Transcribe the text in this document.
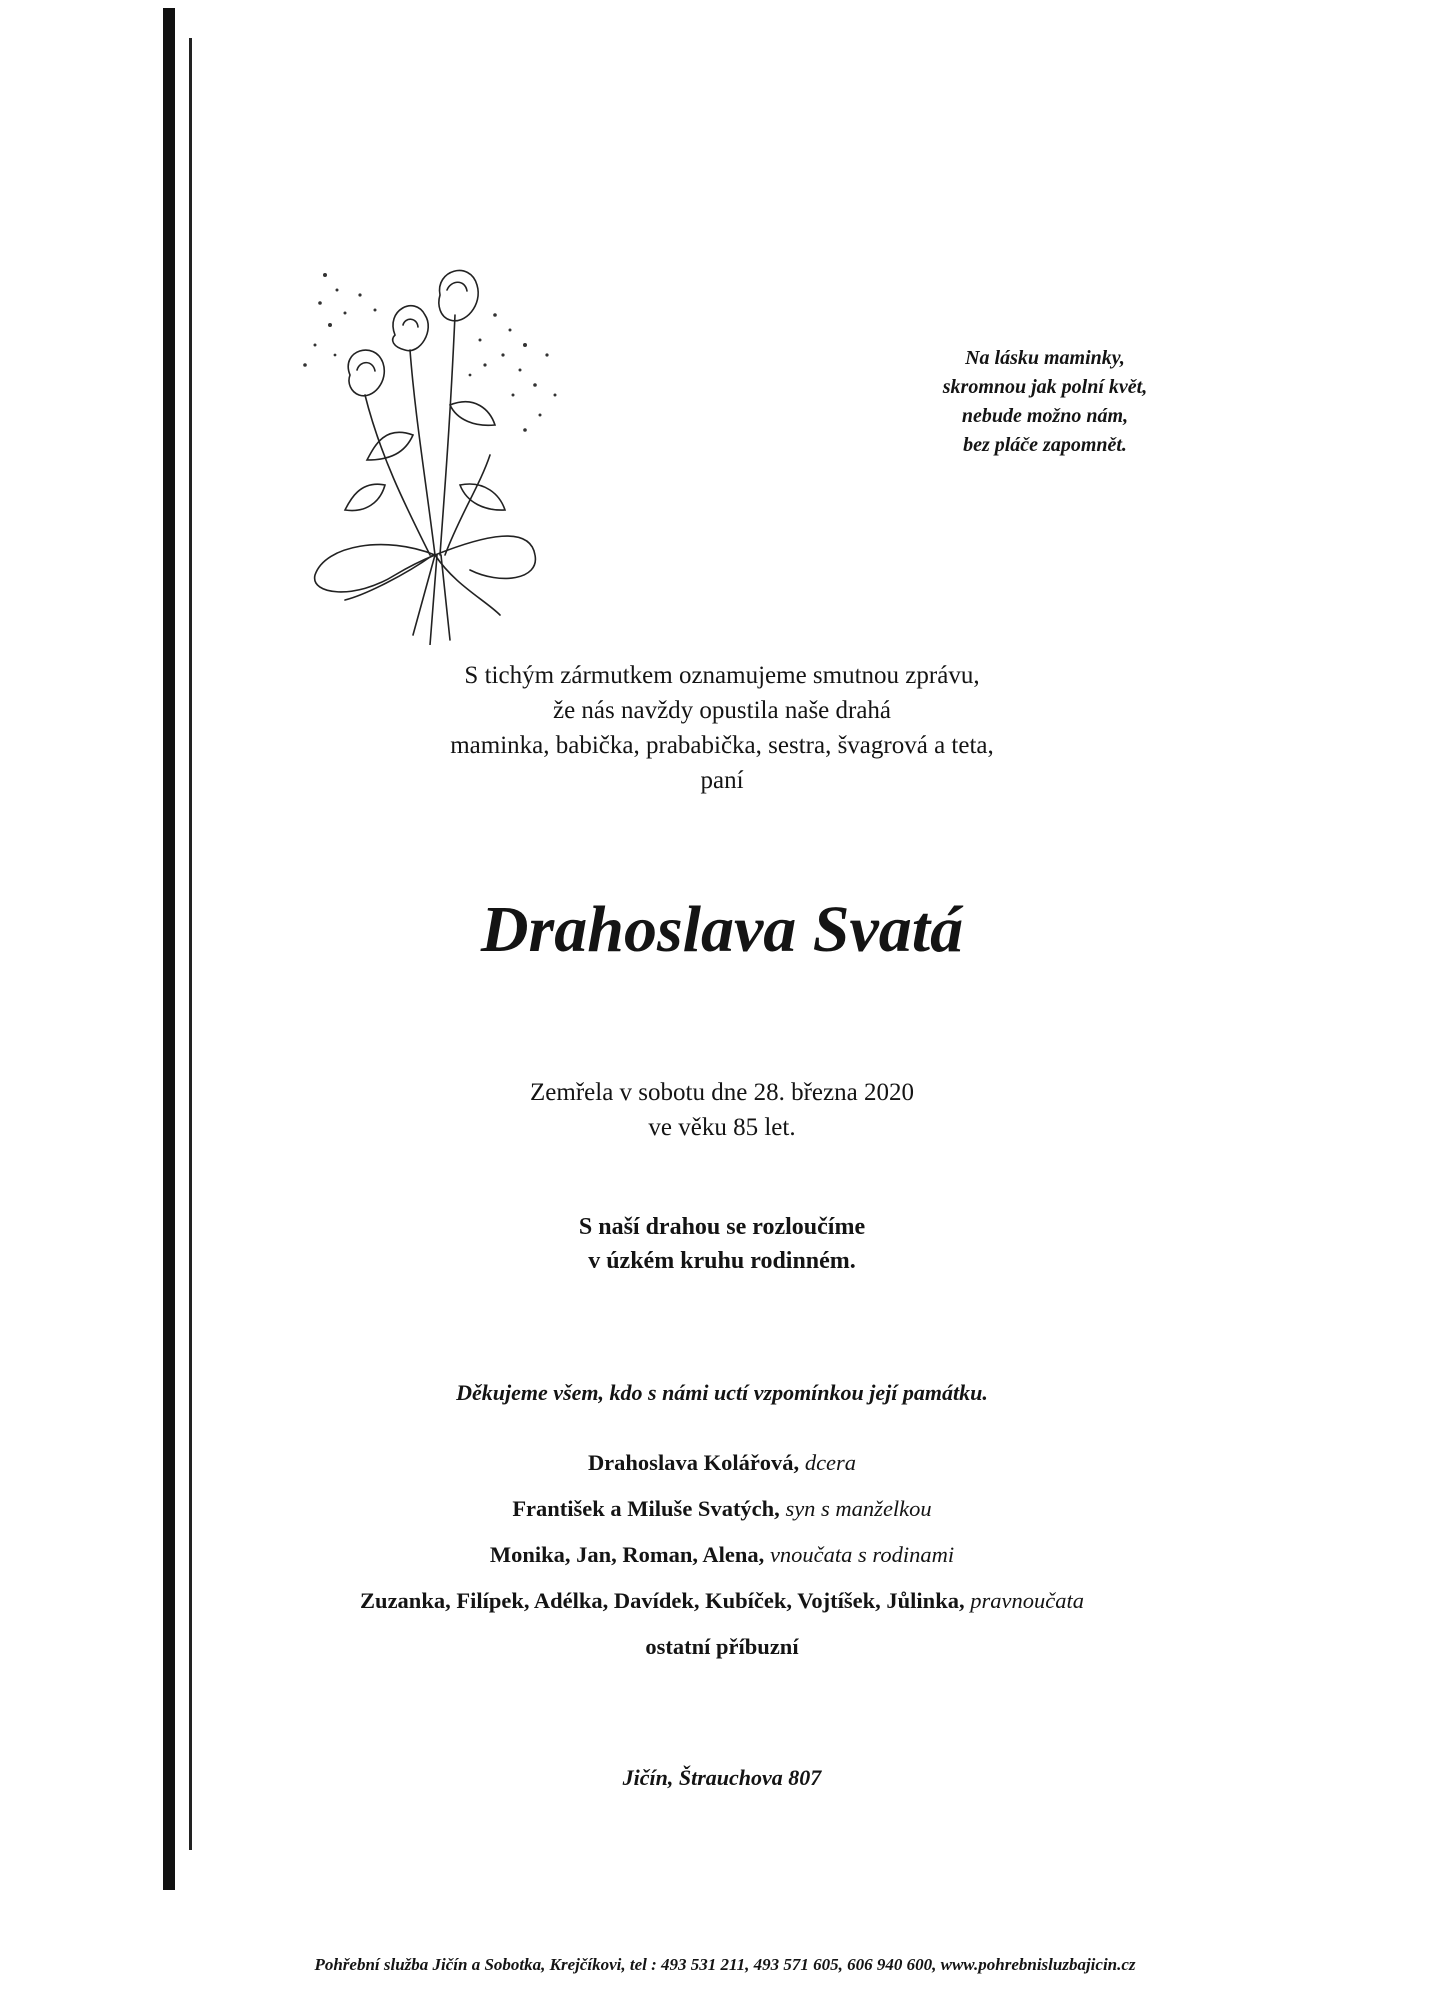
Na lásku maminky,
skromnou jak polní květ,
nebude možno nám,
bez pláče zapomnět.
S tichým zármutkem oznamujeme smutnou zprávu,
že nás navždy opustila naše drahá
maminka, babička, prababička, sestra, švagrová a teta,
paní
Drahoslava Svatá
Zemřela v sobotu dne 28. března 2020
ve věku 85 let.
S naší drahou se rozloučíme
v úzkém kruhu rodinném.
Děkujeme všem, kdo s námi uctí vzpomínkou její památku.
Drahoslava Kolářová, dcera
František a Miluše Svatých, syn s manželkou
Monika, Jan, Roman, Alena, vnoučata s rodinami
Zuzanka, Filípek, Adélka, Davídek, Kubíček, Vojtíšek, Jůlinka, pravnoučata
ostatní příbuzní
Jičín, Štrauchova 807
Pohřební služba Jičín a Sobotka, Krejčíkovi, tel : 493 531 211, 493 571 605, 606 940 600, www.pohrebnisluzbajicin.cz
